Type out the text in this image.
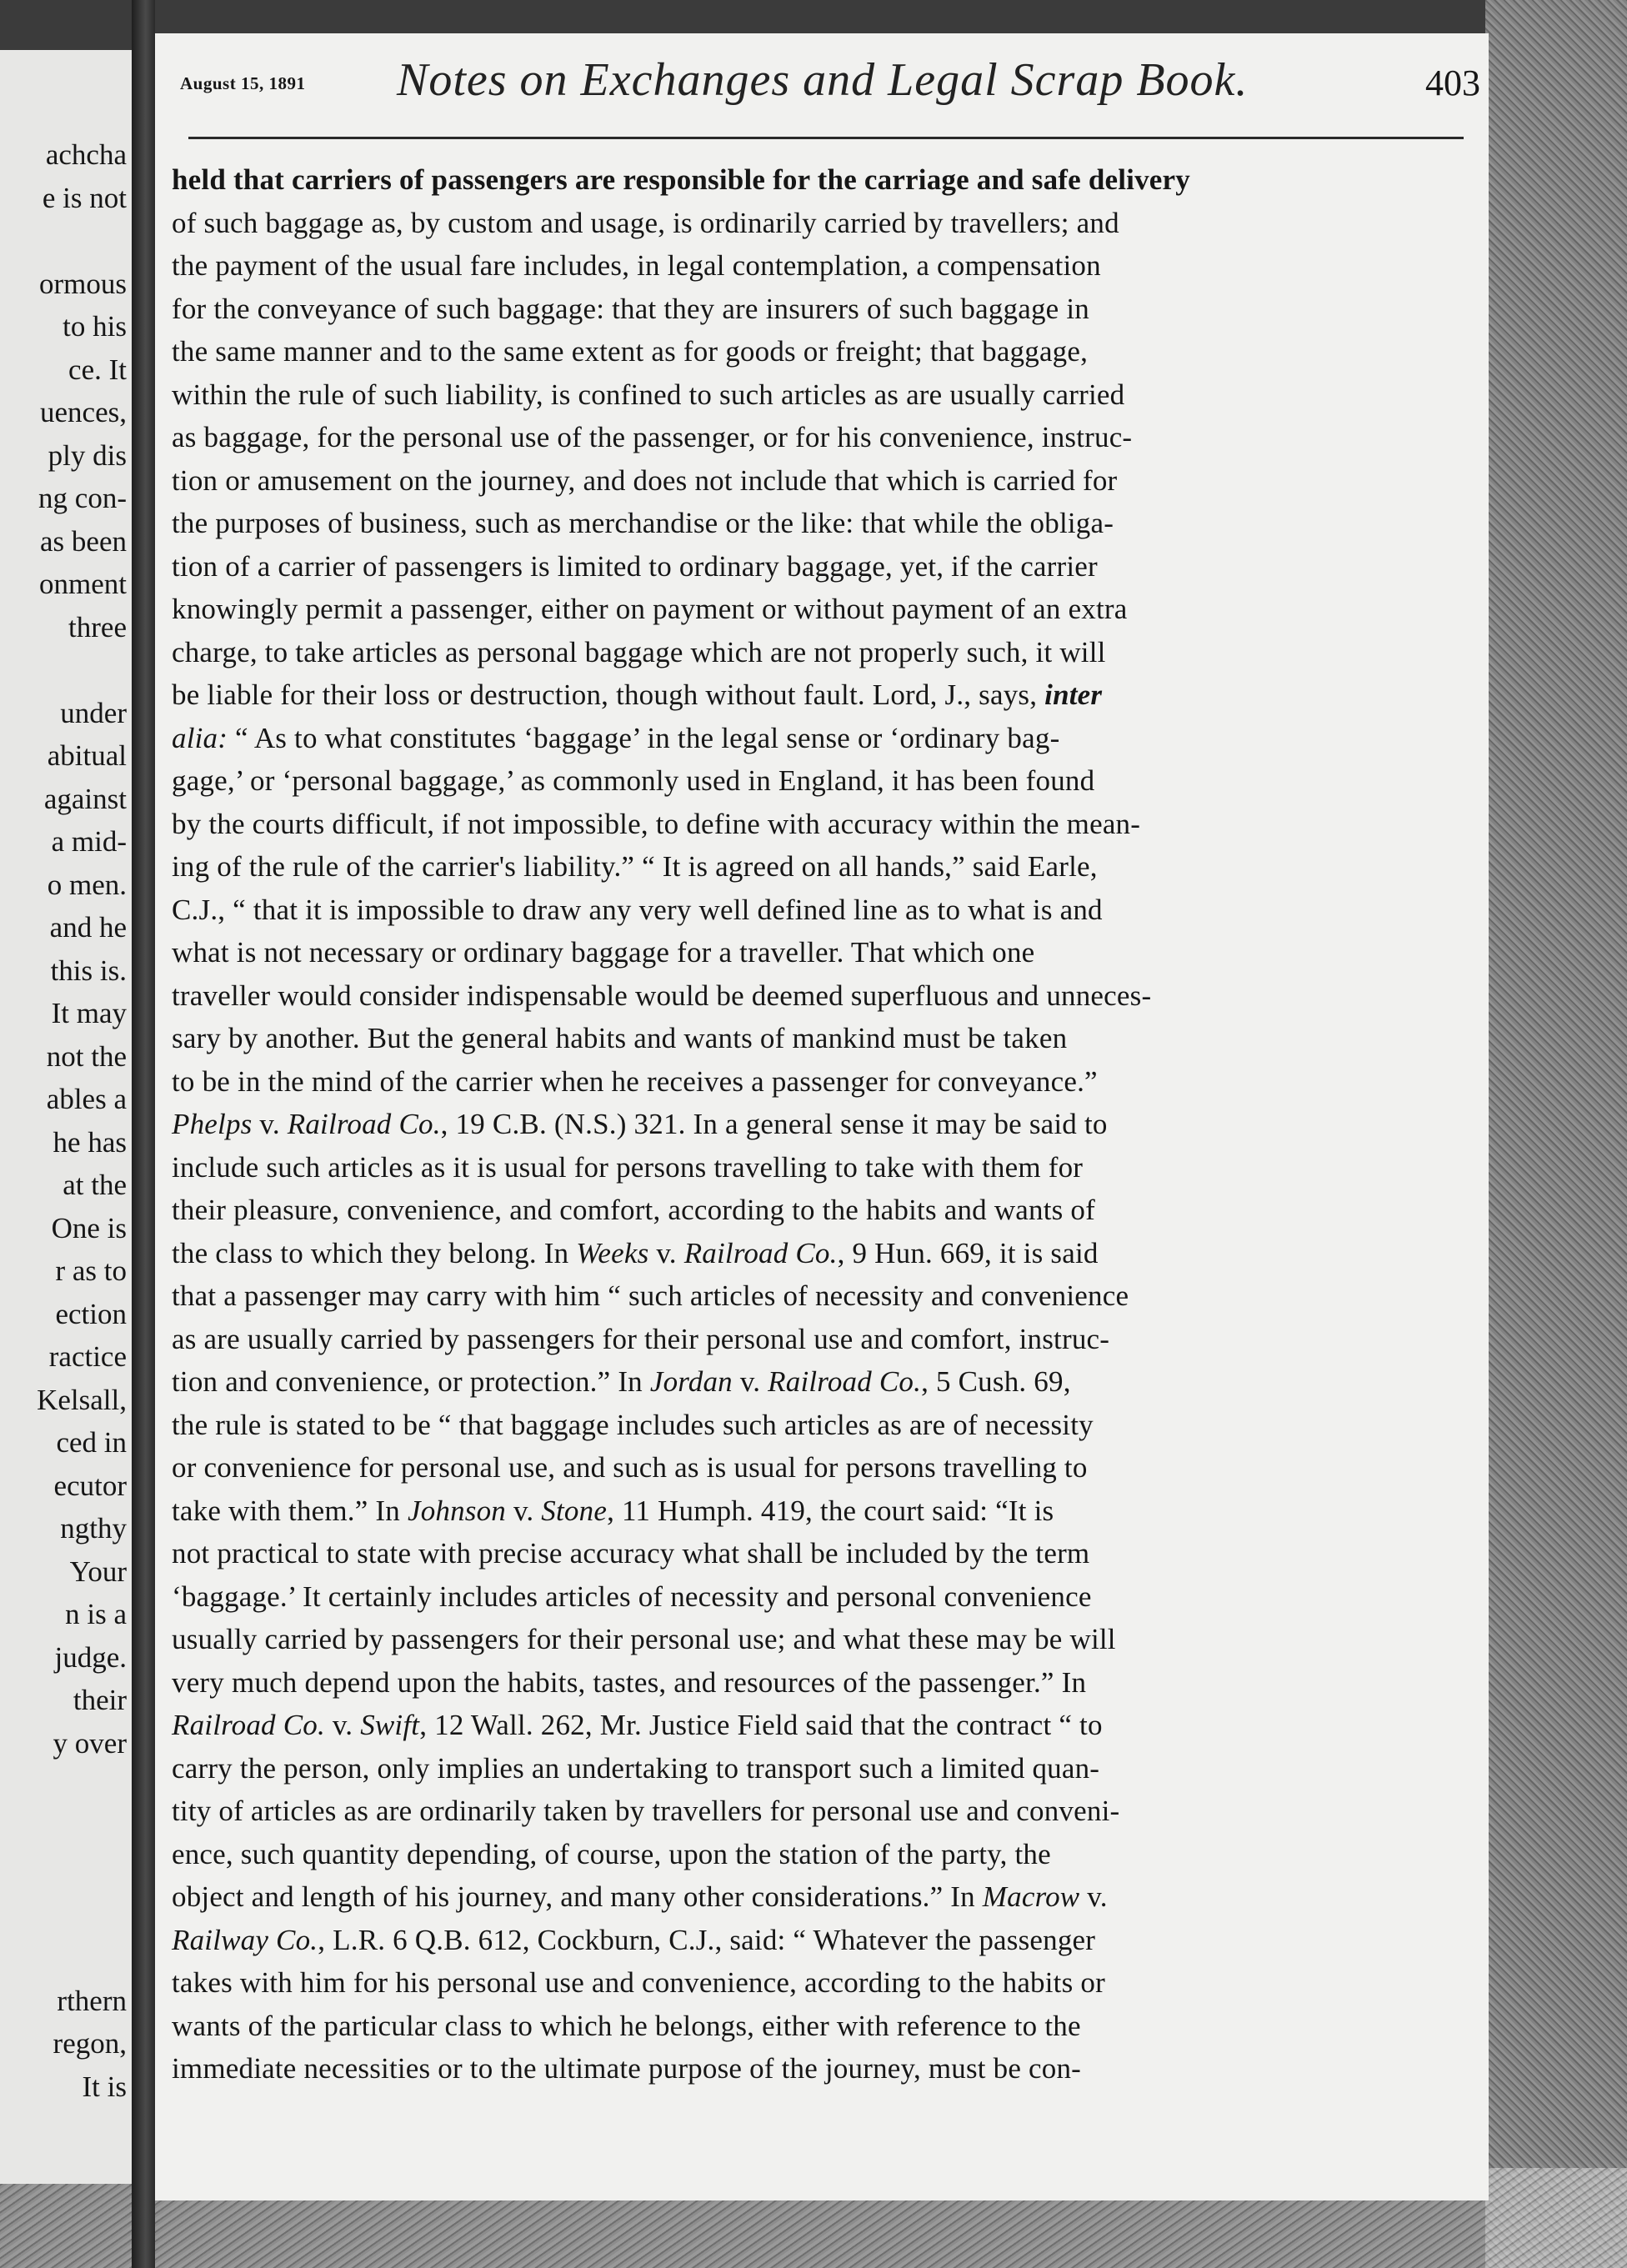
achcha
e is not
ormous
to his
ce. It
uences,
ply dis
ng con-
as been
onment
three
under
abitual
against
a mid-
o men.
and he
this is.
It may
not the
ables a
he has
at the
One is
r as to
ection
ractice
Kelsall,
ced in
ecutor
ngthy
Your
n is a
judge.
their
y over
rthern
regon,
It is
August 15, 1891 Notes on Exchanges and Legal Scrap Book.	403
held that carriers of passengers are responsible for the carriage and safe delivery
of such baggage as, by custom and usage, is ordinarily carried by travellers; and
the payment of the usual fare includes, in legal contemplation, a compensation
for the conveyance of such baggage: that they are insurers of such baggage in
the same manner and to the same extent as for goods or freight; that baggage,
within the rule of such liability, is confined to such articles as are usually carried
as baggage, for the personal use of the passenger, or for his convenience, instruc-
tion or amusement on the journey, and does not include that which is carried for
the purposes of business, such as merchandise or the like: that while the obliga-
tion of a carrier of passengers is limited to ordinary baggage, yet, if the carrier
knowingly permit a passenger, either on payment or without payment of an extra
charge, to take articles as personal baggage which are not properly such, it will
be liable for their loss or destruction, though without fault. Lord, J., says, inter
alia: “ As to what constitutes ‘baggage’ in the legal sense or ‘ordinary bag-
gage,’ or ‘personal baggage,’ as commonly used in England, it has been found
by the courts difficult, if not impossible, to define with accuracy within the mean-
ing of the rule of the carrier's liability.” “ It is agreed on all hands,” said Earle,
C.J., “ that it is impossible to draw any very well defined line as to what is and
what is not necessary or ordinary baggage for a traveller. That which one
traveller would consider indispensable would be deemed superfluous and unneces-
sary by another. But the general habits and wants of mankind must be taken
to be in the mind of the carrier when he receives a passenger for conveyance.”
Phelps v. Railroad Co., 19 C.B. (N.S.) 321. In a general sense it may be said to
include such articles as it is usual for persons travelling to take with them for
their pleasure, convenience, and comfort, according to the habits and wants of
the class to which they belong. In Weeks v. Railroad Co., 9 Hun. 669, it is said
that a passenger may carry with him “ such articles of necessity and convenience
as are usually carried by passengers for their personal use and comfort, instruc-
tion and convenience, or protection.” In Jordan v. Railroad Co., 5 Cush. 69,
the rule is stated to be “ that baggage includes such articles as are of necessity
or convenience for personal use, and such as is usual for persons travelling to
take with them.” In Johnson v. Stone, 11 Humph. 419, the court said: “It is
not practical to state with precise accuracy what shall be included by the term
‘baggage.’ It certainly includes articles of necessity and personal convenience
usually carried by passengers for their personal use; and what these may be will
very much depend upon the habits, tastes, and resources of the passenger.” In
Railroad Co. v. Swift, 12 Wall. 262, Mr. Justice Field said that the contract “ to
carry the person, only implies an undertaking to transport such a limited quan-
tity of articles as are ordinarily taken by travellers for personal use and conveni-
ence, such quantity depending, of course, upon the station of the party, the
object and length of his journey, and many other considerations.” In Macrow v.
Railway Co., L.R. 6 Q.B. 612, Cockburn, C.J., said: “ Whatever the passenger
takes with him for his personal use and convenience, according to the habits or
wants of the particular class to which he belongs, either with reference to the
immediate necessities or to the ultimate purpose of the journey, must be con-
